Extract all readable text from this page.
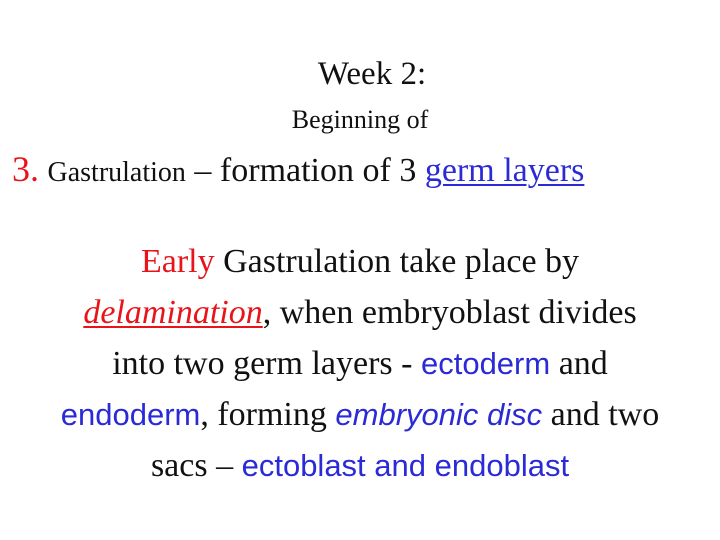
Week 2:
Beginning of
3. Gastrulation – formation of 3 germ layers
Early Gastrulation take place by
delamination, when embryoblast divides
into two germ layers - ectoderm and
endoderm, forming embryonic disc and two
sacs – ectoblast and endoblast
